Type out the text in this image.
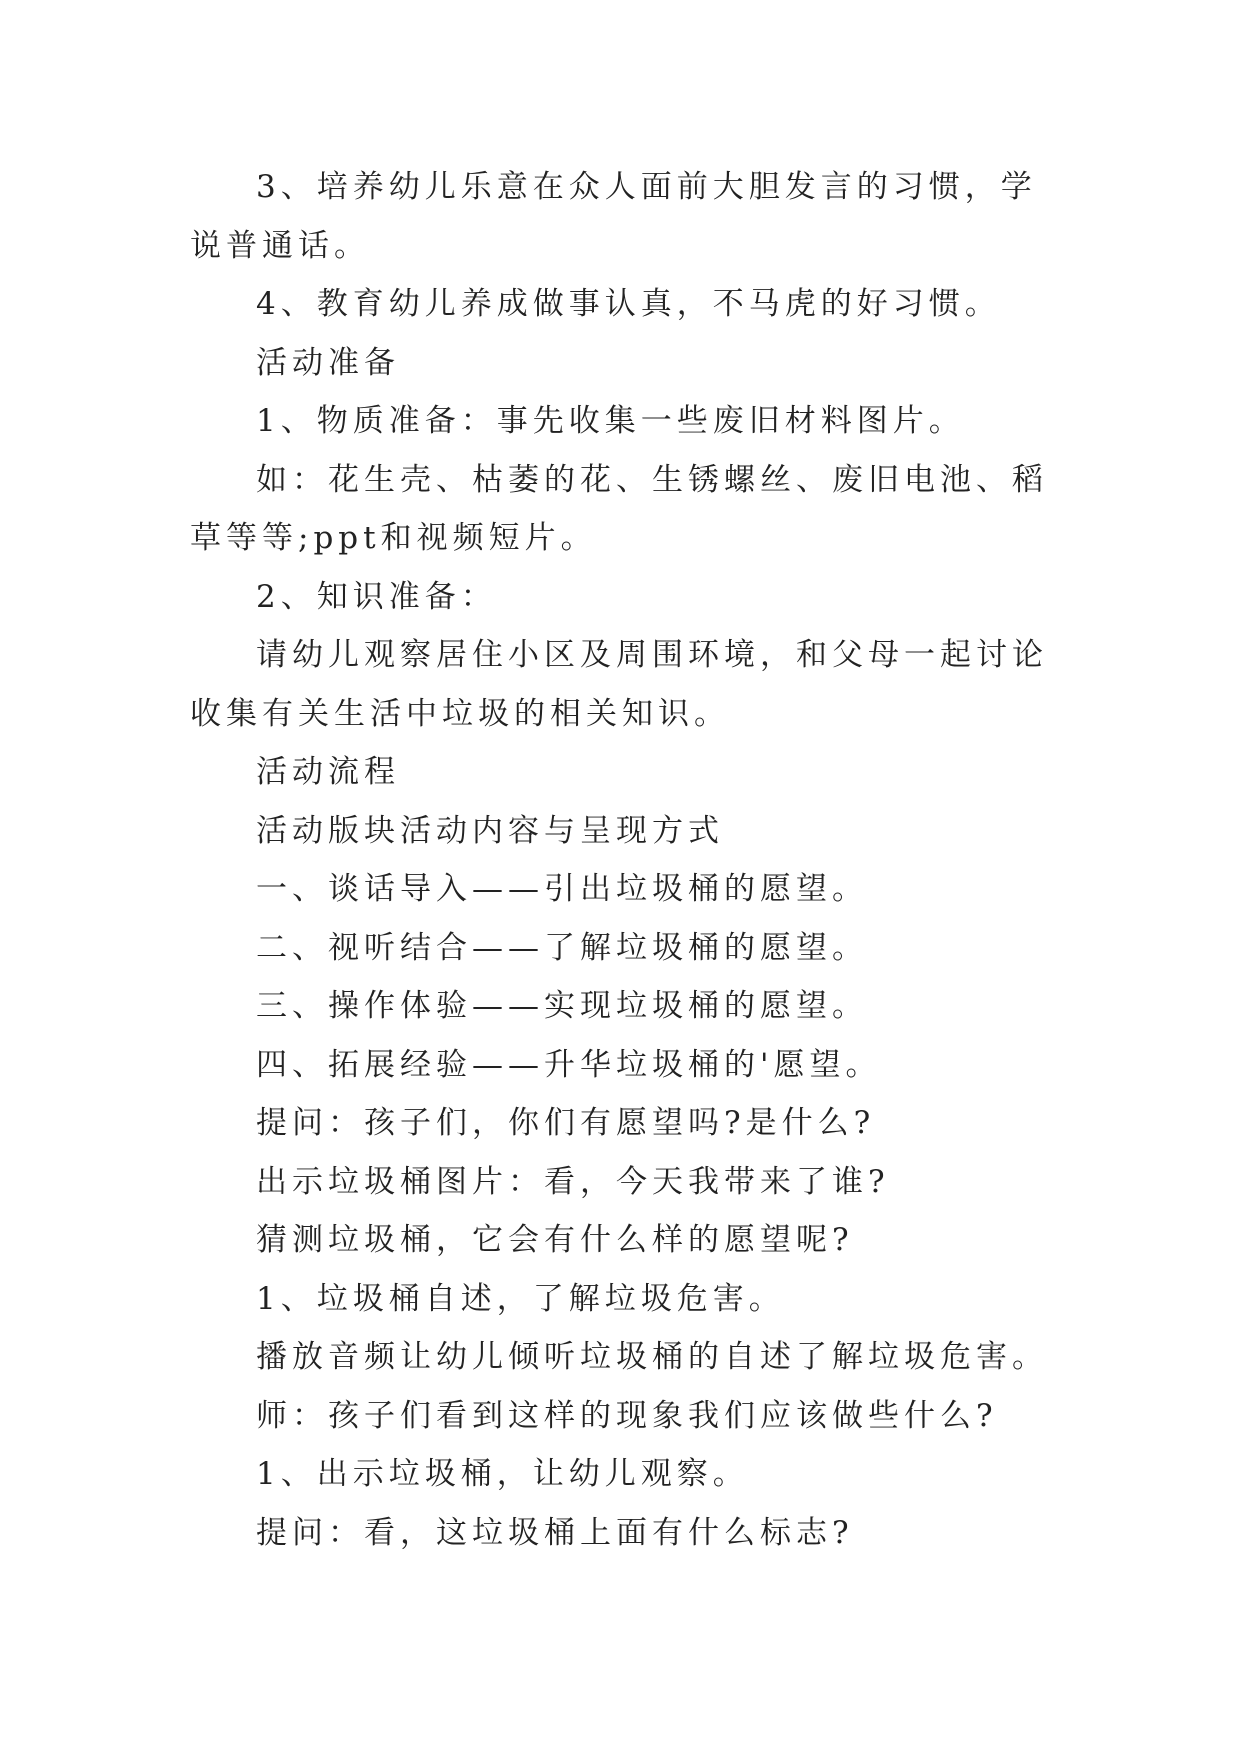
3、培养幼儿乐意在众人面前大胆发言的习惯，学说普通话。

4、教育幼儿养成做事认真，不马虎的好习惯。

活动准备

1、物质准备：事先收集一些废旧材料图片。

如：花生壳、枯萎的花、生锈螺丝、废旧电池、稻草等等;ppt和视频短片。

2、知识准备：

请幼儿观察居住小区及周围环境，和父母一起讨论收集有关生活中垃圾的相关知识。

活动流程

活动版块活动内容与呈现方式

一、谈话导入——引出垃圾桶的愿望。

二、视听结合——了解垃圾桶的愿望。

三、操作体验——实现垃圾桶的愿望。

四、拓展经验——升华垃圾桶的'愿望。

提问：孩子们，你们有愿望吗?是什么?

出示垃圾桶图片：看，今天我带来了谁?

猜测垃圾桶，它会有什么样的愿望呢?

1、垃圾桶自述，了解垃圾危害。

播放音频让幼儿倾听垃圾桶的自述了解垃圾危害。

师：孩子们看到这样的现象我们应该做些什么?

1、出示垃圾桶，让幼儿观察。

提问：看，这垃圾桶上面有什么标志?
